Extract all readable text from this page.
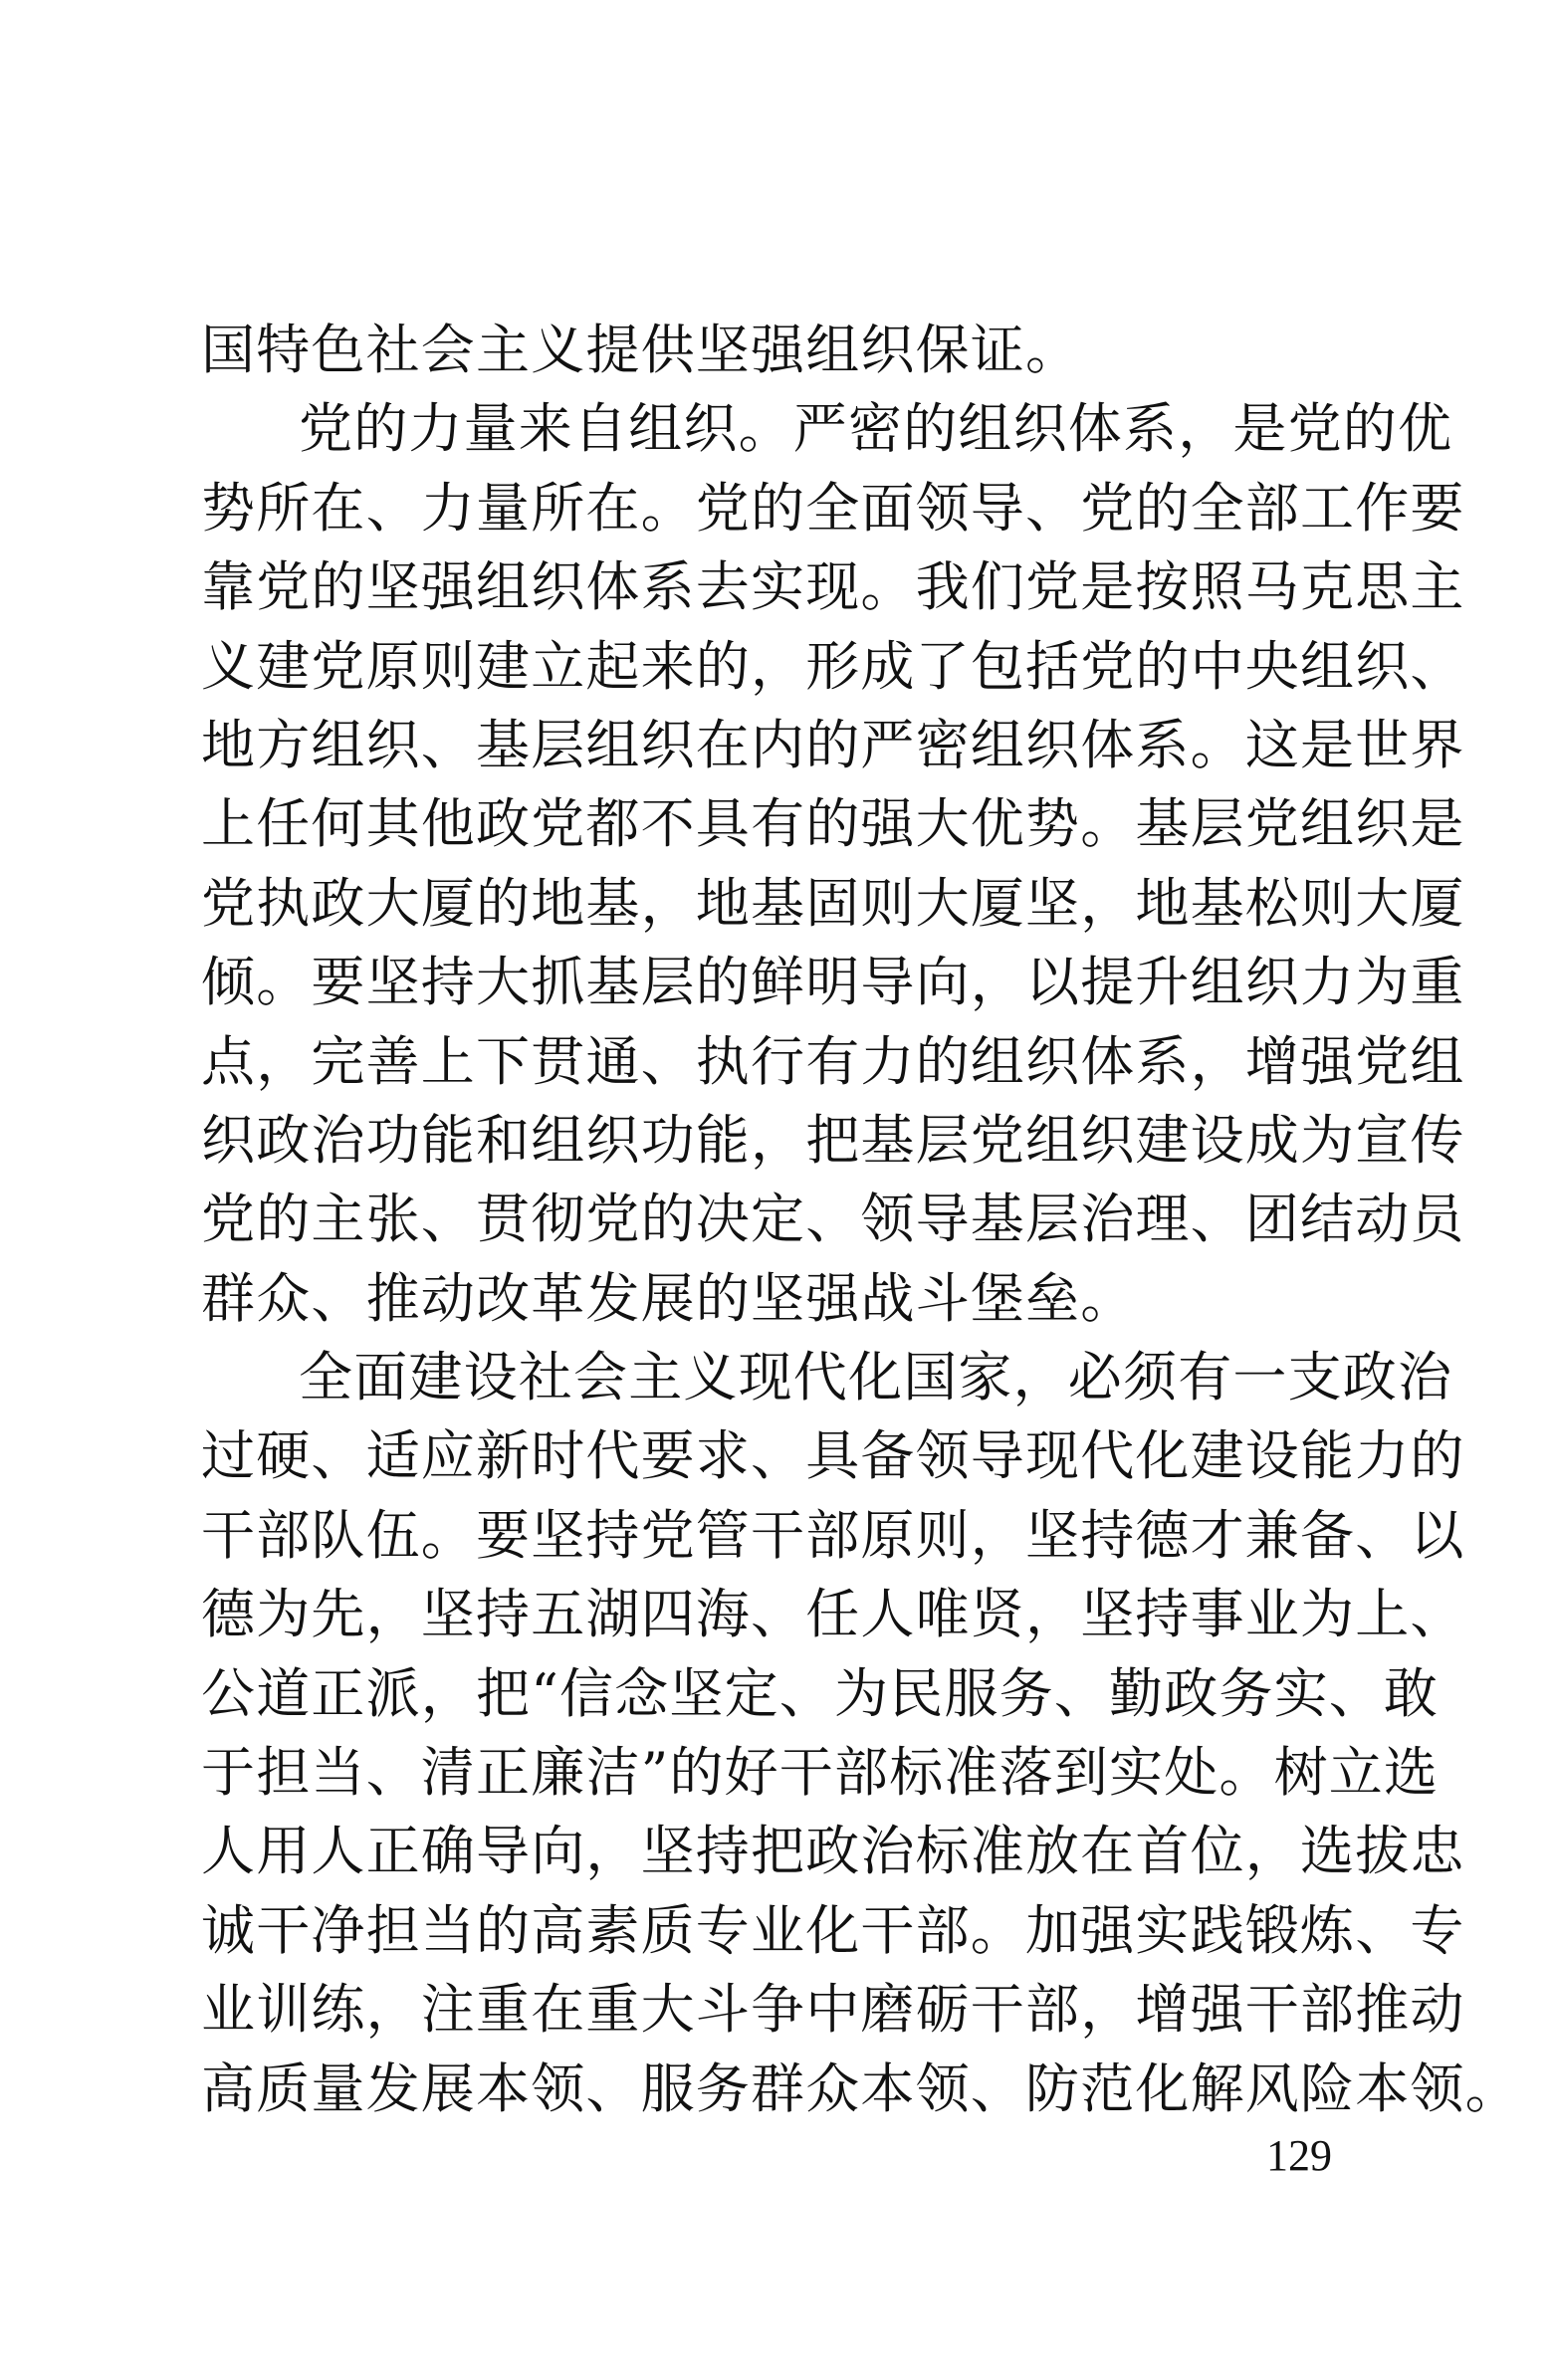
国特色社会主义提供坚强组织保证。
党的力量来自组织。严密的组织体系，是党的优
势所在、力量所在。党的全面领导、党的全部工作要
靠党的坚强组织体系去实现。我们党是按照马克思主
义建党原则建立起来的，形成了包括党的中央组织、
地方组织、基层组织在内的严密组织体系。这是世界
上任何其他政党都不具有的强大优势。基层党组织是
党执政大厦的地基，地基固则大厦坚，地基松则大厦
倾。要坚持大抓基层的鲜明导向，以提升组织力为重
点，完善上下贯通、执行有力的组织体系，增强党组
织政治功能和组织功能，把基层党组织建设成为宣传
党的主张、贯彻党的决定、领导基层治理、团结动员
群众、推动改革发展的坚强战斗堡垒。
全面建设社会主义现代化国家，必须有一支政治
过硬、适应新时代要求、具备领导现代化建设能力的
干部队伍。要坚持党管干部原则，坚持德才兼备、以
德为先，坚持五湖四海、任人唯贤，坚持事业为上、
公道正派，把“信念坚定、为民服务、勤政务实、敢
于担当、清正廉洁”的好干部标准落到实处。树立选
人用人正确导向，坚持把政治标准放在首位，选拔忠
诚干净担当的高素质专业化干部。加强实践锻炼、专
业训练，注重在重大斗争中磨砺干部，增强干部推动
高质量发展本领、服务群众本领、防范化解风险本领。
129
